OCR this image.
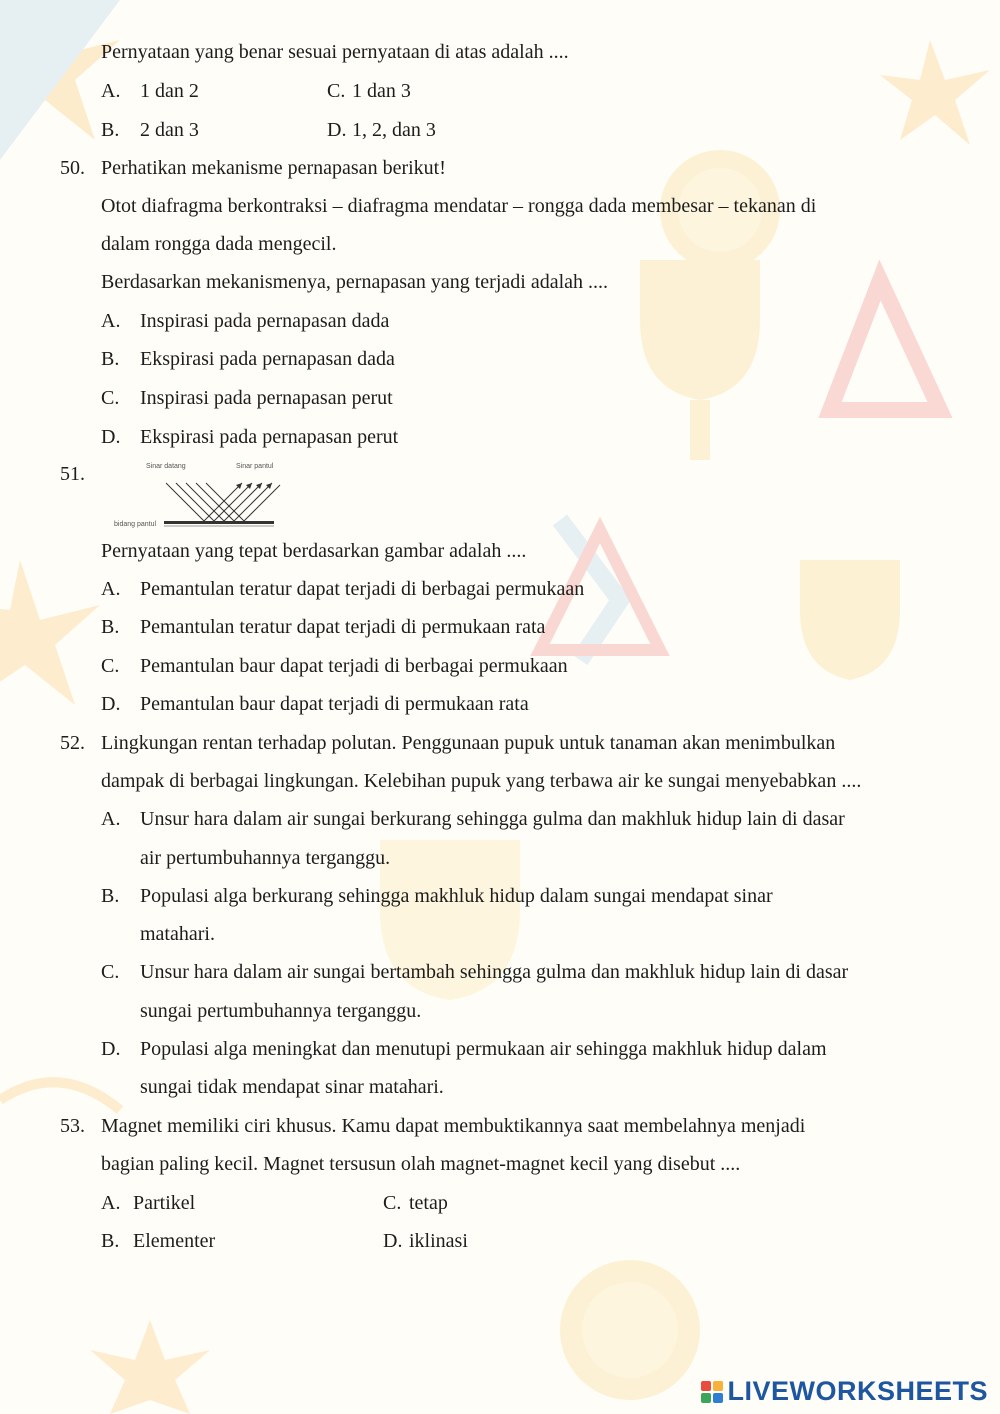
Pernyataan yang benar sesuai pernyataan di atas adalah ....
A. 1 dan 2	C. 1 dan 3
B. 2 dan 3	D. 1, 2, dan 3
50. Perhatikan mekanisme pernapasan berikut!
Otot diafragma berkontraksi – diafragma mendatar – rongga dada membesar – tekanan di
dalam rongga dada mengecil.
Berdasarkan mekanismenya, pernapasan yang terjadi adalah ....
A. Inspirasi pada pernapasan dada
B. Ekspirasi pada pernapasan dada
C. Inspirasi pada pernapasan perut
D. Ekspirasi pada pernapasan perut
51.	Sinar datang	Sinar pantul
bidang pantul
Pernyataan yang tepat berdasarkan gambar adalah ....
A. Pemantulan teratur dapat terjadi di berbagai permukaan
B. Pemantulan teratur dapat terjadi di permukaan rata
C. Pemantulan baur dapat terjadi di berbagai permukaan
D. Pemantulan baur dapat terjadi di permukaan rata
52. Lingkungan rentan terhadap polutan. Penggunaan pupuk untuk tanaman akan menimbulkan
dampak di berbagai lingkungan. Kelebihan pupuk yang terbawa air ke sungai menyebabkan ....
A. Unsur hara dalam air sungai berkurang sehingga gulma dan makhluk hidup lain di dasar
air pertumbuhannya terganggu.
B. Populasi alga berkurang sehingga makhluk hidup dalam sungai mendapat sinar
matahari.
C. Unsur hara dalam air sungai bertambah sehingga gulma dan makhluk hidup lain di dasar
sungai pertumbuhannya terganggu.
D. Populasi alga meningkat dan menutupi permukaan air sehingga makhluk hidup dalam
sungai tidak mendapat sinar matahari.
53. Magnet memiliki ciri khusus. Kamu dapat membuktikannya saat membelahnya menjadi
bagian paling kecil. Magnet tersusun olah magnet-magnet kecil yang disebut ....
A. Partikel	C. tetap
B. Elementer	D. iklinasi
LIVEWORKSHEETS
